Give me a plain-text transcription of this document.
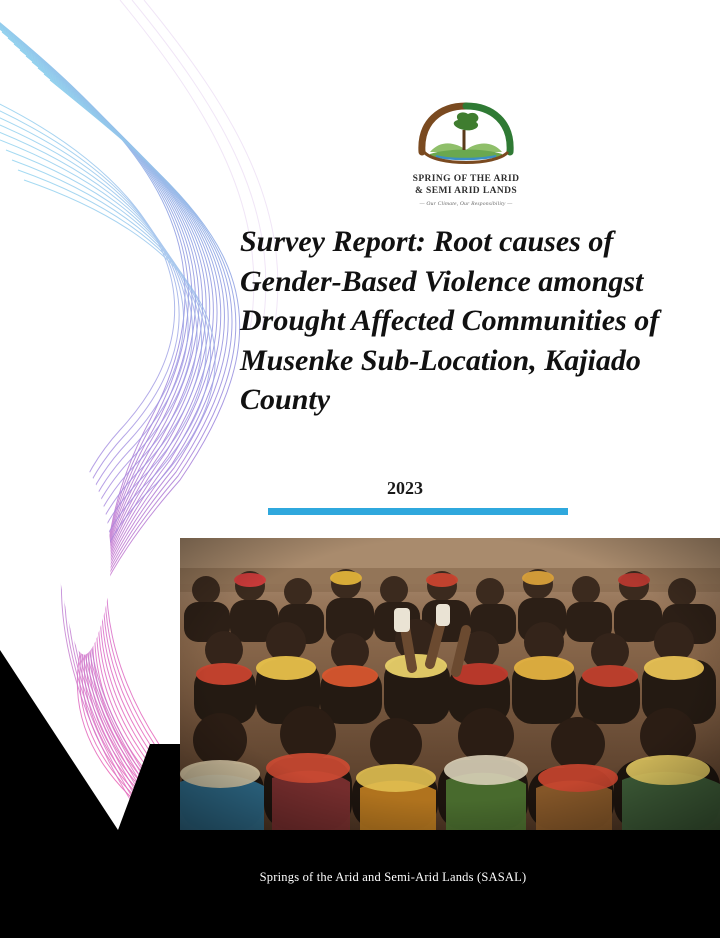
SPRING OF THE ARID
& SEMI ARID LANDS
— Our Climate, Our Responsibility —
Survey Report: Root causes of Gender-Based Violence amongst Drought Affected Communities of Musenke Sub-Location, Kajiado County
2023
Springs of the Arid and Semi-Arid Lands (SASAL)
